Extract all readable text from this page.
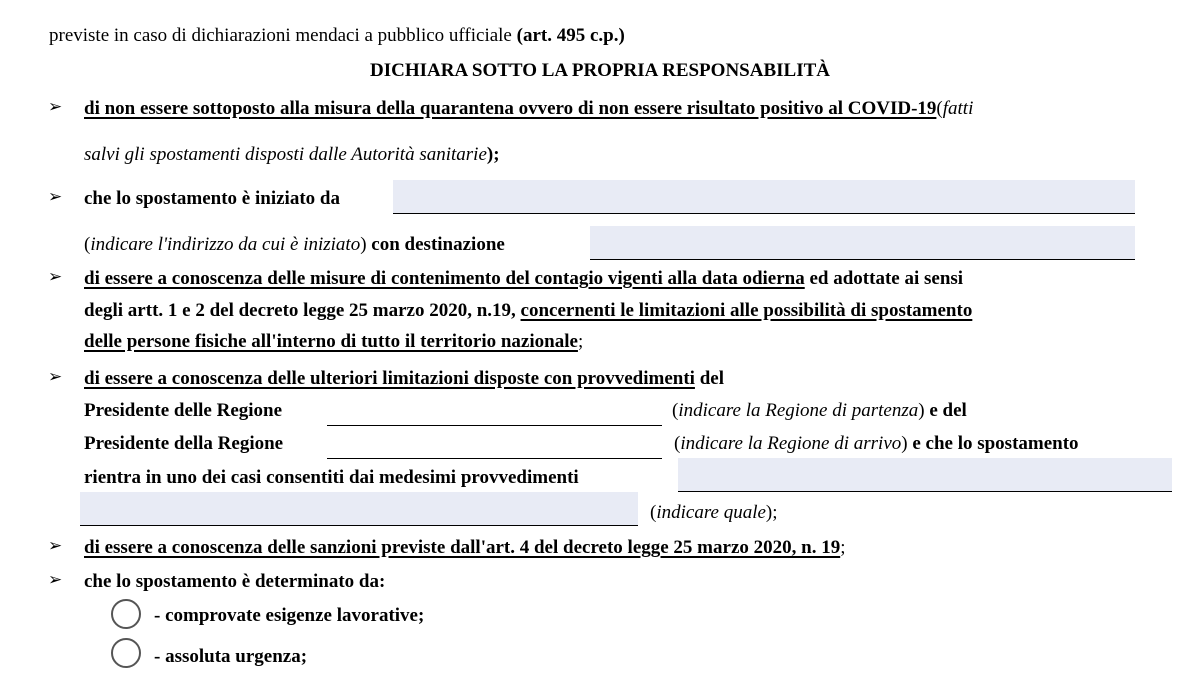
previste in caso di dichiarazioni mendaci a pubblico ufficiale (art. 495 c.p.)
DICHIARA SOTTO LA PROPRIA RESPONSABILITÀ
➢ di non essere sottoposto alla misura della quarantena ovvero di non essere risultato positivo al COVID-19(fatti
salvi gli spostamenti disposti dalle Autorità sanitarie);
➢ che lo spostamento è iniziato da
(indicare l'indirizzo da cui è iniziato) con destinazione
➢ di essere a conoscenza delle misure di contenimento del contagio vigenti alla data odierna ed adottate ai sensi
degli artt. 1 e 2 del decreto legge 25 marzo 2020, n.19, concernenti le limitazioni alle possibilità di spostamento
delle persone fisiche all'interno di tutto il territorio nazionale;
➢ di essere a conoscenza delle ulteriori limitazioni disposte con provvedimenti del
Presidente delle Regione	(indicare la Regione di partenza) e del
Presidente della Regione	(indicare la Regione di arrivo) e che lo spostamento
rientra in uno dei casi consentiti dai medesimi provvedimenti
(indicare quale);
➢ di essere a conoscenza delle sanzioni previste dall'art. 4 del decreto legge 25 marzo 2020, n. 19;
➢ che lo spostamento è determinato da:
- comprovate esigenze lavorative;
- assoluta urgenza;
